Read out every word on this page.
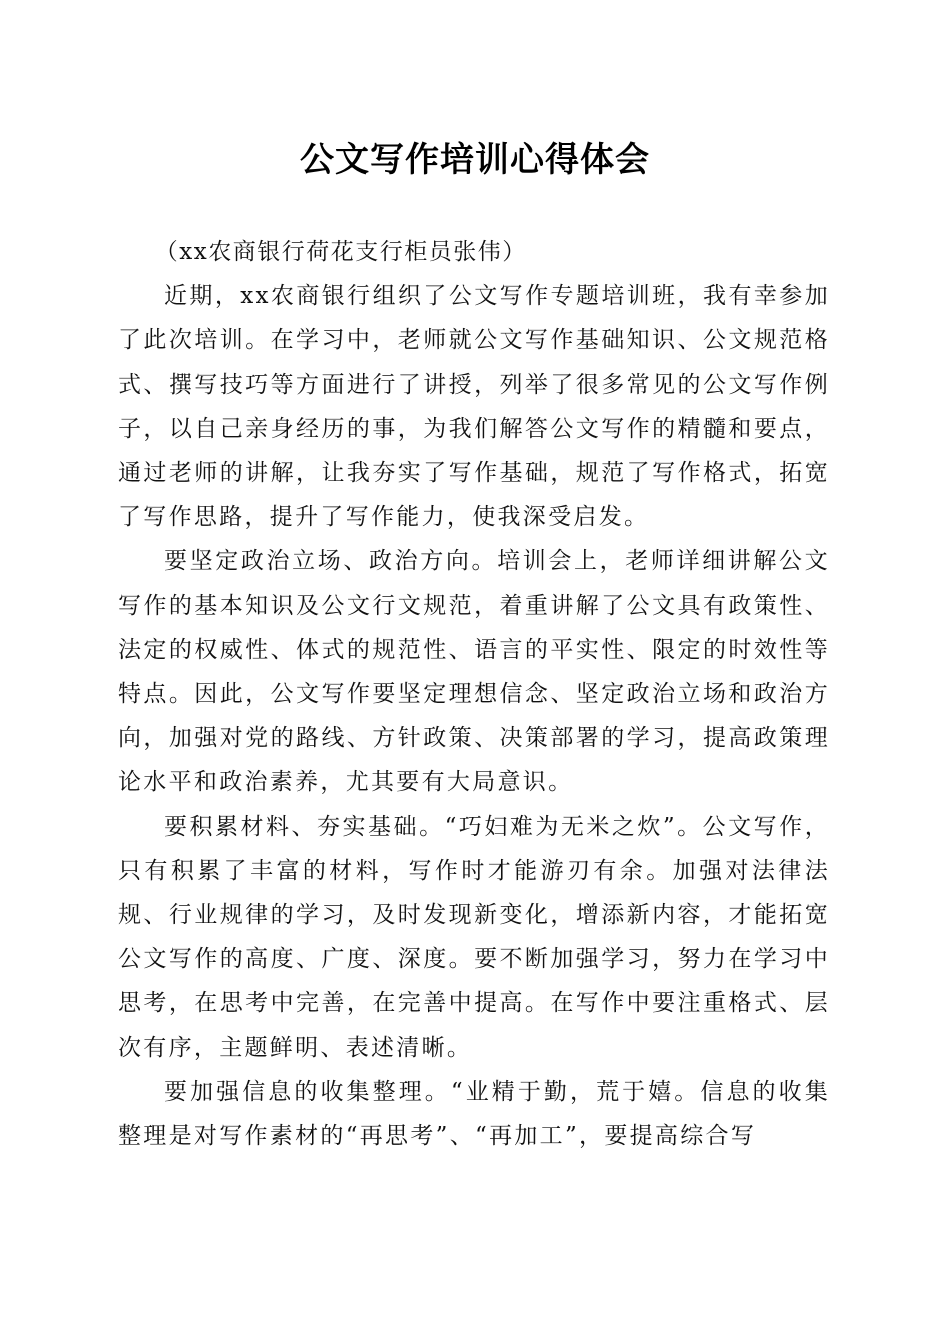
公文写作培训心得体会

（xx农商银行荷花支行柜员张伟）

近期，xx农商银行组织了公文写作专题培训班，我有幸参加了此次培训。在学习中，老师就公文写作基础知识、公文规范格式、撰写技巧等方面进行了讲授，列举了很多常见的公文写作例子，以自己亲身经历的事，为我们解答公文写作的精髓和要点，通过老师的讲解，让我夯实了写作基础，规范了写作格式，拓宽了写作思路，提升了写作能力，使我深受启发。

要坚定政治立场、政治方向。培训会上，老师详细讲解公文写作的基本知识及公文行文规范，着重讲解了公文具有政策性、法定的权威性、体式的规范性、语言的平实性、限定的时效性等特点。因此，公文写作要坚定理想信念、坚定政治立场和政治方向，加强对党的路线、方针政策、决策部署的学习，提高政策理论水平和政治素养，尤其要有大局意识。

要积累材料、夯实基础。“巧妇难为无米之炊”。公文写作，只有积累了丰富的材料，写作时才能游刃有余。加强对法律法规、行业规律的学习，及时发现新变化，增添新内容，才能拓宽公文写作的高度、广度、深度。要不断加强学习，努力在学习中思考，在思考中完善，在完善中提高。在写作中要注重格式、层次有序，主题鲜明、表述清晰。

要加强信息的收集整理。“业精于勤，荒于嬉。信息的收集整理是对写作素材的“再思考”、“再加工”，要提高综合写
